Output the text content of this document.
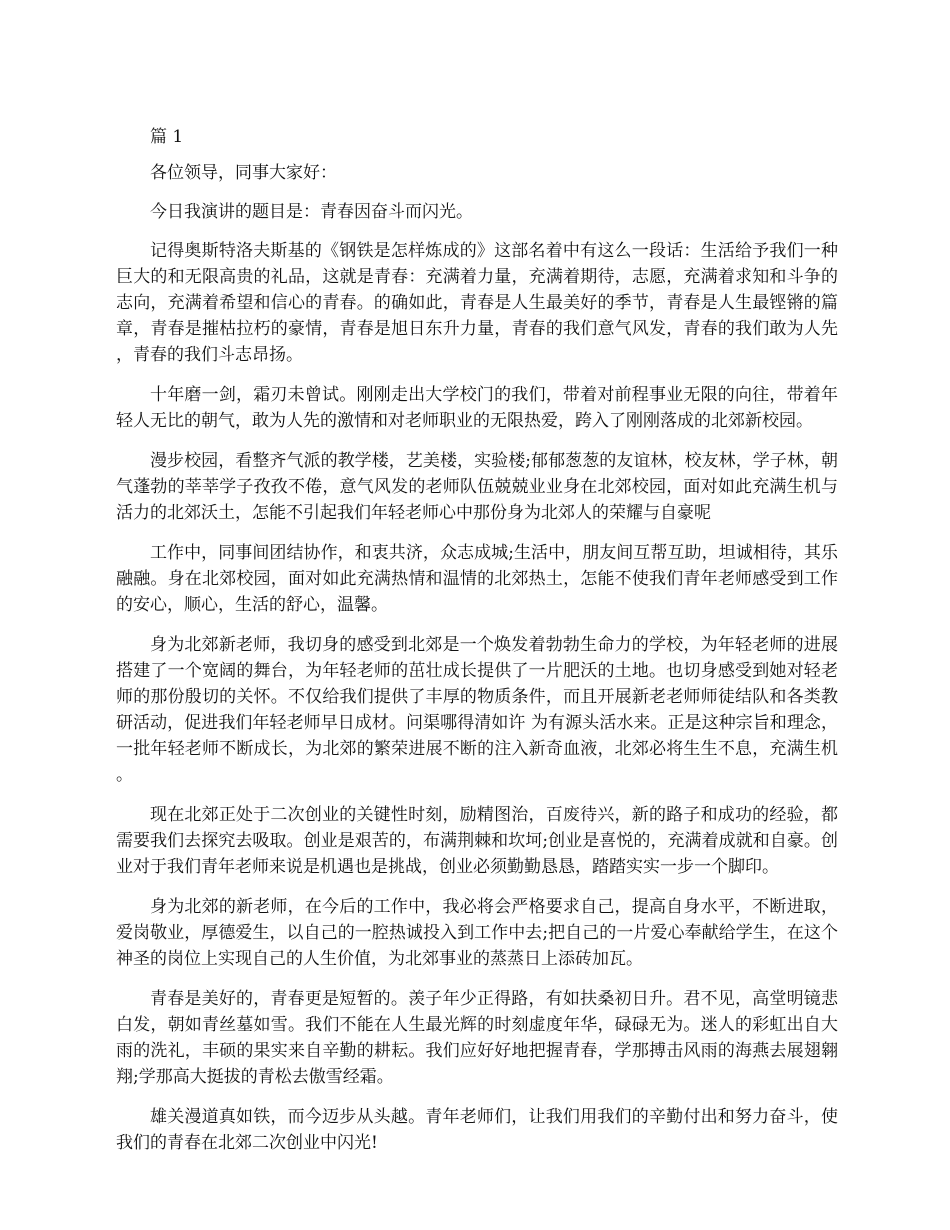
篇 1

各位领导，同事大家好：

今日我演讲的题目是：青春因奋斗而闪光。

记得奥斯特洛夫斯基的《钢铁是怎样炼成的》这部名着中有这么一段话：生活给予我们一种巨大的和无限高贵的礼品，这就是青春：充满着力量，充满着期待，志愿，充满着求知和斗争的志向，充满着希望和信心的青春。的确如此，青春是人生最美好的季节，青春是人生最铿锵的篇章，青春是摧枯拉朽的豪情，青春是旭日东升力量，青春的我们意气风发，青春的我们敢为人先，青春的我们斗志昂扬。

十年磨一剑，霜刃未曾试。刚刚走出大学校门的我们，带着对前程事业无限的向往，带着年轻人无比的朝气，敢为人先的激情和对老师职业的无限热爱，跨入了刚刚落成的北郊新校园。

漫步校园，看整齐气派的教学楼，艺美楼，实验楼;郁郁葱葱的友谊林，校友林，学子林，朝气蓬勃的莘莘学子孜孜不倦，意气风发的老师队伍兢兢业业身在北郊校园，面对如此充满生机与活力的北郊沃土，怎能不引起我们年轻老师心中那份身为北郊人的荣耀与自豪呢

工作中，同事间团结协作，和衷共济，众志成城;生活中，朋友间互帮互助，坦诚相待，其乐融融。身在北郊校园，面对如此充满热情和温情的北郊热土，怎能不使我们青年老师感受到工作的安心，顺心，生活的舒心，温馨。

身为北郊新老师，我切身的感受到北郊是一个焕发着勃勃生命力的学校，为年轻老师的进展搭建了一个宽阔的舞台，为年轻老师的茁壮成长提供了一片肥沃的土地。也切身感受到她对轻老师的那份殷切的关怀。不仅给我们提供了丰厚的物质条件，而且开展新老老师师徒结队和各类教研活动，促进我们年轻老师早日成材。问渠哪得清如许 为有源头活水来。正是这种宗旨和理念，一批年轻老师不断成长，为北郊的繁荣进展不断的注入新奇血液，北郊必将生生不息，充满生机。

现在北郊正处于二次创业的关键性时刻，励精图治，百废待兴，新的路子和成功的经验，都需要我们去探究去吸取。创业是艰苦的，布满荆棘和坎坷;创业是喜悦的，充满着成就和自豪。创业对于我们青年老师来说是机遇也是挑战，创业必须勤勤恳恳，踏踏实实一步一个脚印。

身为北郊的新老师，在今后的工作中，我必将会严格要求自己，提高自身水平，不断进取，爱岗敬业，厚德爱生，以自己的一腔热诚投入到工作中去;把自己的一片爱心奉献给学生，在这个神圣的岗位上实现自己的人生价值，为北郊事业的蒸蒸日上添砖加瓦。

青春是美好的，青春更是短暂的。羡子年少正得路，有如扶桑初日升。君不见，高堂明镜悲白发，朝如青丝墓如雪。我们不能在人生最光辉的时刻虚度年华，碌碌无为。迷人的彩虹出自大雨的洗礼，丰硕的果实来自辛勤的耕耘。我们应好好地把握青春，学那搏击风雨的海燕去展翅翱翔;学那高大挺拔的青松去傲雪经霜。

雄关漫道真如铁，而今迈步从头越。青年老师们，让我们用我们的辛勤付出和努力奋斗，使我们的青春在北郊二次创业中闪光!
